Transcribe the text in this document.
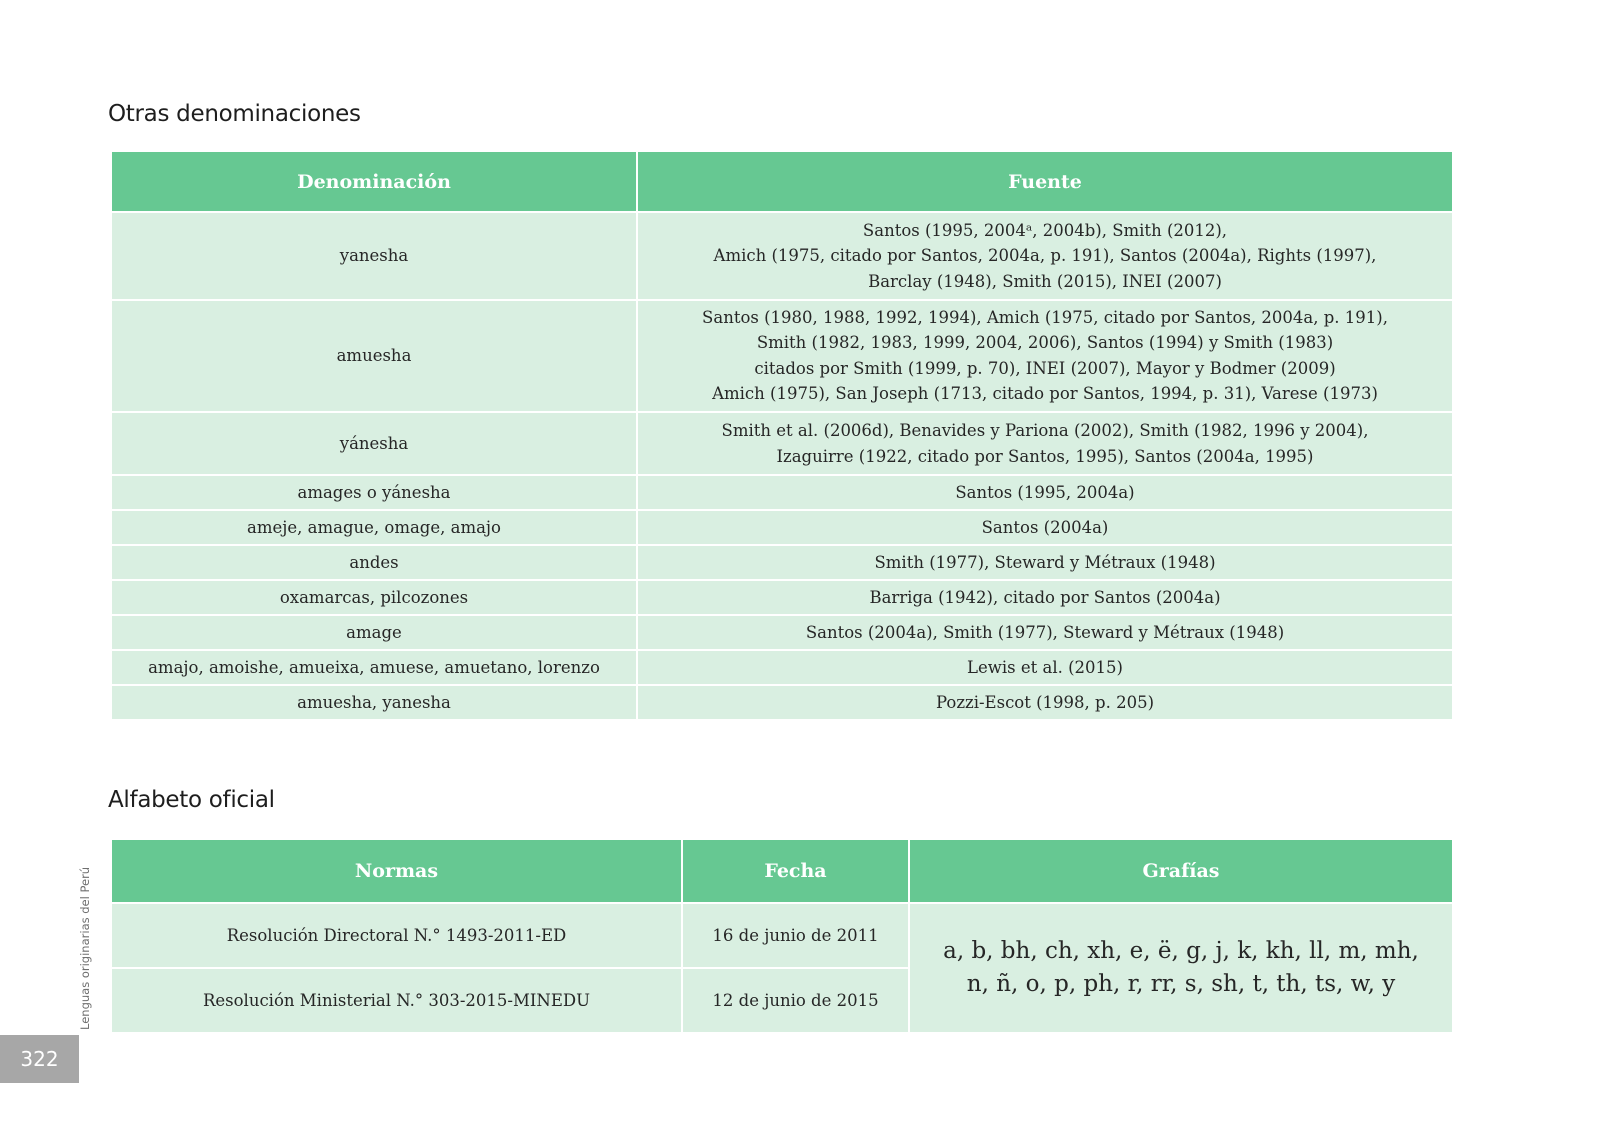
Otras denominaciones
Denominación	Fuente
yanesha	Santos (1995, 2004ᵃ, 2004b), Smith (2012),
Amich (1975, citado por Santos, 2004a, p. 191), Santos (2004a), Rights (1997),
Barclay (1948), Smith (2015), INEI (2007)
amuesha	Santos (1980, 1988, 1992, 1994), Amich (1975, citado por Santos, 2004a, p. 191),
Smith (1982, 1983, 1999, 2004, 2006), Santos (1994) y Smith (1983)
citados por Smith (1999, p. 70), INEI (2007), Mayor y Bodmer (2009)
Amich (1975), San Joseph (1713, citado por Santos, 1994, p. 31), Varese (1973)
yánesha	Smith et al. (2006d), Benavides y Pariona (2002), Smith (1982, 1996 y 2004),
Izaguirre (1922, citado por Santos, 1995), Santos (2004a, 1995)
amages o yánesha	Santos (1995, 2004a)
ameje, amague, omage, amajo	Santos (2004a)
andes	Smith (1977), Steward y Métraux (1948)
oxamarcas, pilcozones	Barriga (1942), citado por Santos (2004a)
amage	Santos (2004a), Smith (1977), Steward y Métraux (1948)
amajo, amoishe, amueixa, amuese, amuetano, lorenzo	Lewis et al. (2015)
amuesha, yanesha	Pozzi-Escot (1998, p. 205)
Alfabeto oficial
Normas	Fecha	Grafías
Resolución Directoral N.° 1493-2011-ED	16 de junio de 2011	a, b, bh, ch, xh, e, ë, g, j, k, kh, ll, m, mh,
n, ñ, o, p, ph, r, rr, s, sh, t, th, ts, w, y
Resolución Ministerial N.° 303-2015-MINEDU	12 de junio de 2015	
Lenguas originarias del Perú
322
